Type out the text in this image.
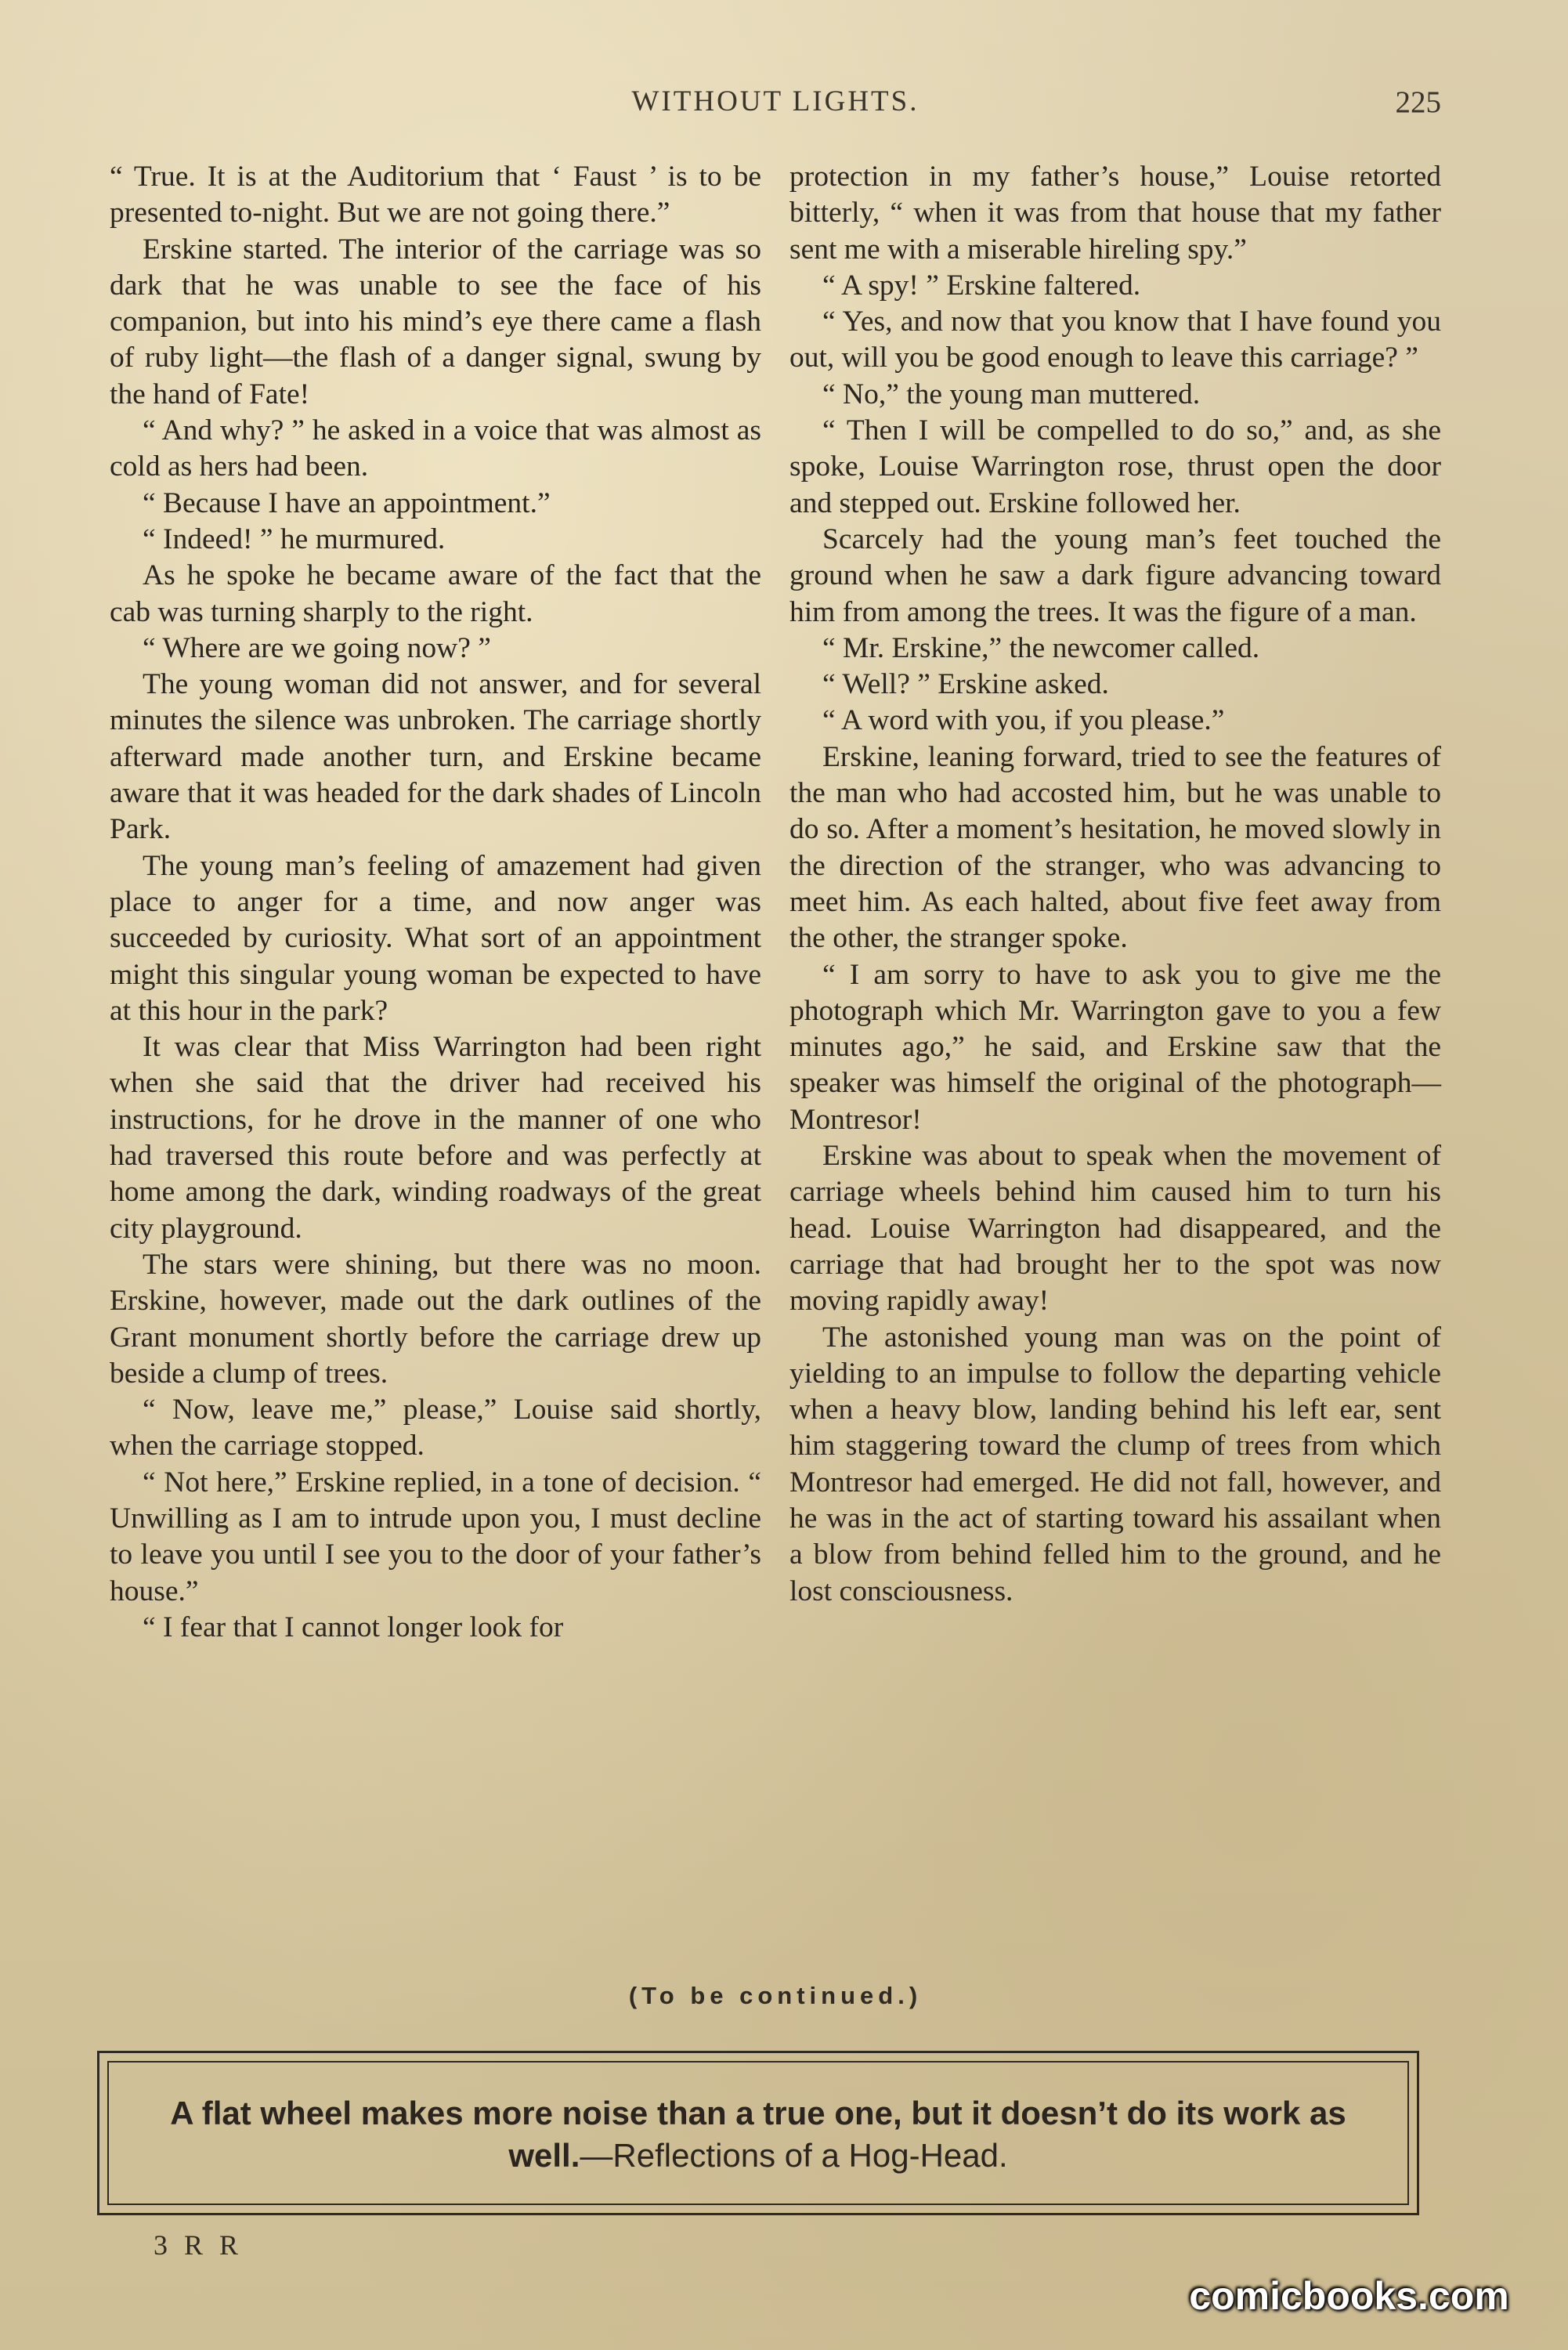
WITHOUT LIGHTS.	225

“ True. It is at the Auditorium that ‘ Faust ’ is to be presented to-night. But we are not going there.”

Erskine started. The interior of the carriage was so dark that he was unable to see the face of his companion, but into his mind’s eye there came a flash of ruby light—the flash of a danger signal, swung by the hand of Fate!

“ And why? ” he asked in a voice that was almost as cold as hers had been.

“ Because I have an appointment.”

“ Indeed! ” he murmured.

As he spoke he became aware of the fact that the cab was turning sharply to the right.

“ Where are we going now? ”

The young woman did not answer, and for several minutes the silence was unbroken. The carriage shortly afterward made another turn, and Erskine became aware that it was headed for the dark shades of Lincoln Park.

The young man’s feeling of amazement had given place to anger for a time, and now anger was succeeded by curiosity. What sort of an appointment might this singular young woman be expected to have at this hour in the park?

It was clear that Miss Warrington had been right when she said that the driver had received his instructions, for he drove in the manner of one who had traversed this route before and was perfectly at home among the dark, winding roadways of the great city playground.

The stars were shining, but there was no moon. Erskine, however, made out the dark outlines of the Grant monument shortly before the carriage drew up beside a clump of trees.

“ Now, leave me,” please,” Louise said shortly, when the carriage stopped.

“ Not here,” Erskine replied, in a tone of decision. “ Unwilling as I am to intrude upon you, I must decline to leave you until I see you to the door of your father’s house.”

“ I fear that I cannot longer look for

protection in my father’s house,” Louise retorted bitterly, “ when it was from that house that my father sent me with a miserable hireling spy.”

“ A spy! ” Erskine faltered.

“ Yes, and now that you know that I have found you out, will you be good enough to leave this carriage? ”

“ No,” the young man muttered.

“ Then I will be compelled to do so,” and, as she spoke, Louise Warrington rose, thrust open the door and stepped out. Erskine followed her.

Scarcely had the young man’s feet touched the ground when he saw a dark figure advancing toward him from among the trees. It was the figure of a man.

“ Mr. Erskine,” the newcomer called.

“ Well? ” Erskine asked.

“ A word with you, if you please.”

Erskine, leaning forward, tried to see the features of the man who had accosted him, but he was unable to do so. After a moment’s hesitation, he moved slowly in the direction of the stranger, who was advancing to meet him. As each halted, about five feet away from the other, the stranger spoke.

“ I am sorry to have to ask you to give me the photograph which Mr. Warrington gave to you a few minutes ago,” he said, and Erskine saw that the speaker was himself the original of the photograph—Montresor!

Erskine was about to speak when the movement of carriage wheels behind him caused him to turn his head. Louise Warrington had disappeared, and the carriage that had brought her to the spot was now moving rapidly away!

The astonished young man was on the point of yielding to an impulse to follow the departing vehicle when a heavy blow, landing behind his left ear, sent him staggering toward the clump of trees from which Montresor had emerged. He did not fall, however, and he was in the act of starting toward his assailant when a blow from behind felled him to the ground, and he lost consciousness.

(To be continued.)
A flat wheel makes more noise than a true one, but it doesn’t do its work as well.—Reflections of a Hog-Head.
3 R R
comicbooks.com
